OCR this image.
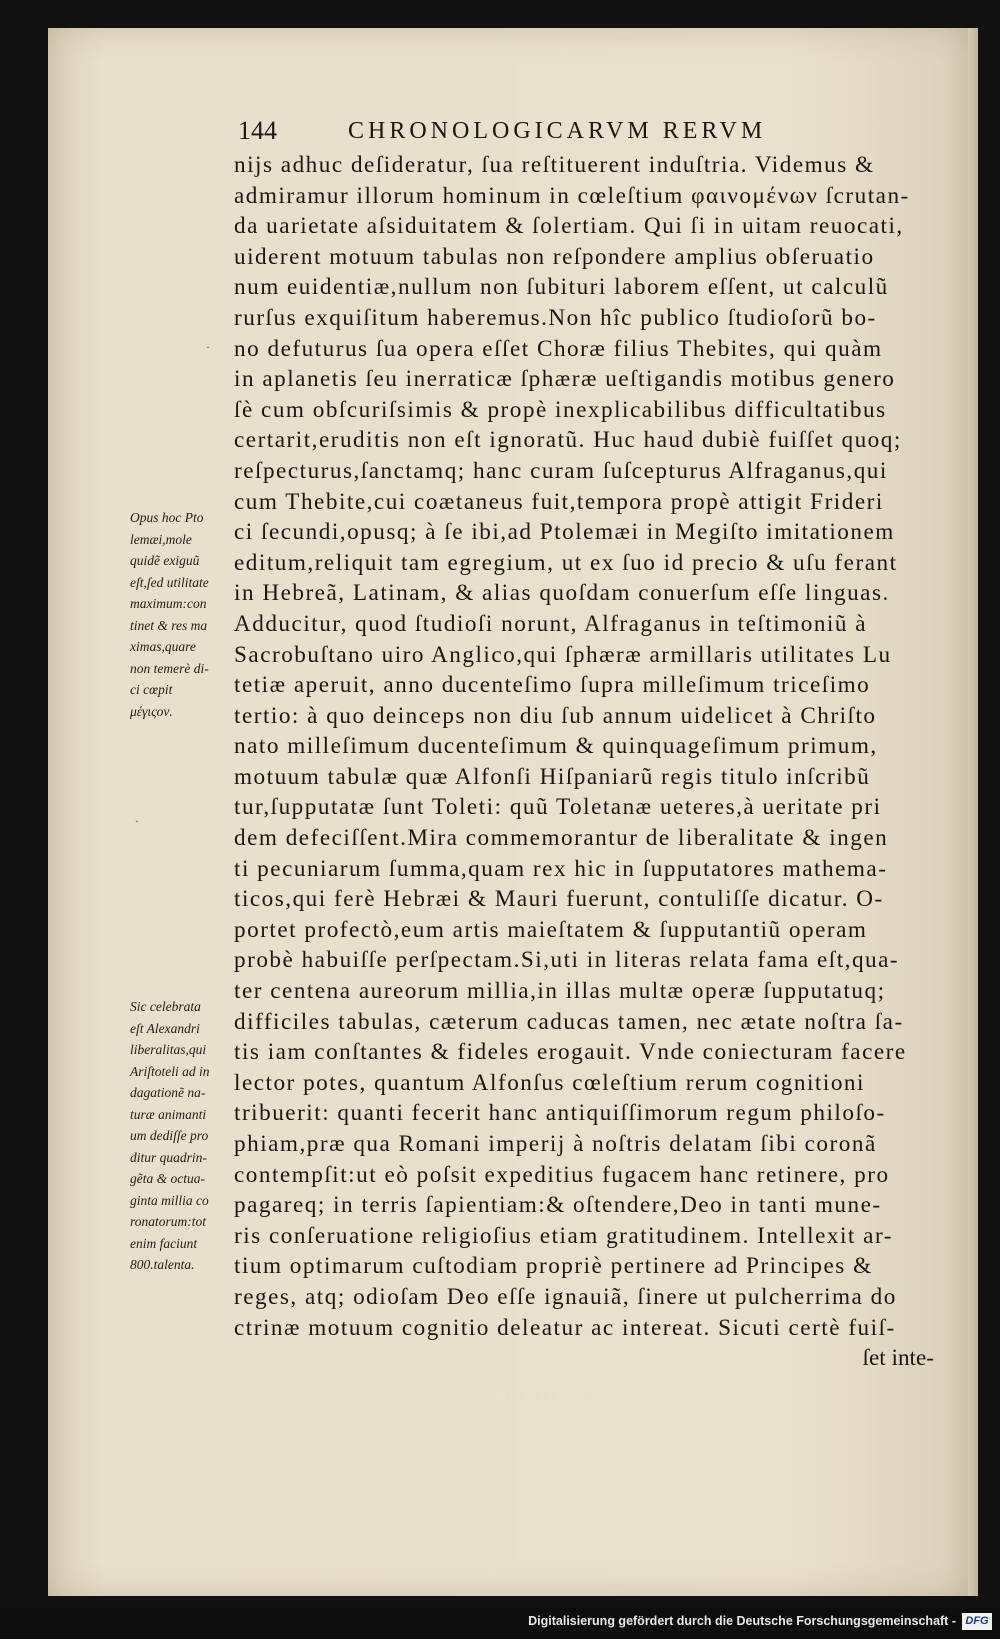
144	CHRONOLOGICARVM RERVM
Opus hoc Pto
lemæi,mole
quidẽ exiguũ
eſt,ſed utilitate
maximum:con
tinet & res ma
ximas,quare
non temerè di-
ci cœpit
μέγιςον.
Sic celebrata
eſt Alexandri
liberalitas,qui
Ariſtoteli ad in
dagationẽ na-
turæ animanti
um dediſſe pro
ditur quadrin-
gẽta & octua-
ginta millia co
ronatorum:tot
enim faciunt
800.talenta.
·
ˋ
nijs adhuc deſideratur, ſua reſtituerent induſtria. Videmus &
admiramur illorum hominum in cœleſtium φαινομένων ſcrutan-
da uarietate aſsiduitatem & ſolertiam. Qui ſi in uitam reuocati,
uiderent motuum tabulas non reſpondere amplius obſeruatio
num euidentiæ,nullum non ſubituri laborem eſſent, ut calculũ
rurſus exquiſitum haberemus.Non hîc publico ſtudioſorũ bo-
no defuturus ſua opera eſſet Choræ filius Thebites, qui quàm
in aplanetis ſeu inerraticæ ſphæræ ueſtigandis motibus genero
ſè cum obſcuriſsimis & propè inexplicabilibus difficultatibus
certarit,eruditis non eſt ignoratũ. Huc haud dubiè fuiſſet quoq;
reſpecturus,ſanctamq; hanc curam ſuſcepturus Alfraganus,qui
cum Thebite,cui coætaneus fuit,tempora propè attigit Frideri
ci ſecundi,opusq; à ſe ibi,ad Ptolemæi in Megiſto imitationem
editum,reliquit tam egregium, ut ex ſuo id precio & uſu ferant
in Hebreã, Latinam, & alias quoſdam conuerſum eſſe linguas.
Adducitur, quod ſtudioſi norunt, Alfraganus in teſtimoniũ à
Sacrobuſtano uiro Anglico,qui ſphæræ armillaris utilitates Lu
tetiæ aperuit, anno ducenteſimo ſupra milleſimum triceſimo
tertio: à quo deinceps non diu ſub annum uidelicet à Chriſto
nato milleſimum ducenteſimum & quinquageſimum primum,
motuum tabulæ quæ Alfonſi Hiſpaniarũ regis titulo inſcribũ
tur,ſupputatæ ſunt Toleti: quũ Toletanæ ueteres,à ueritate pri
dem defeciſſent.Mira commemorantur de liberalitate & ingen
ti pecuniarum ſumma,quam rex hic in ſupputatores mathema-
ticos,qui ferè Hebræi & Mauri fuerunt, contuliſſe dicatur. O-
portet profectò,eum artis maieſtatem & ſupputantiũ operam
probè habuiſſe perſpectam.Si,uti in literas relata fama eſt,qua-
ter centena aureorum millia,in illas multæ operæ ſupputatuq;
difficiles tabulas, cæterum caducas tamen, nec ætate noſtra ſa-
tis iam conſtantes & fideles erogauit. Vnde coniecturam facere
lector potes, quantum Alfonſus cœleſtium rerum cognitioni
tribuerit: quanti fecerit hanc antiquiſſimorum regum philoſo-
phiam,præ qua Romani imperij à noſtris delatam ſibi coronã
contempſit:ut eò poſsit expeditius fugacem hanc retinere, pro
pagareq; in terris ſapientiam:& oſtendere,Deo in tanti mune-
ris conſeruatione religioſius etiam gratitudinem. Intellexit ar-
tium optimarum cuſtodiam propriè pertinere ad Principes &
reges, atq; odioſam Deo eſſe ignauiã, ſinere ut pulcherrima do
ctrinæ motuum cognitio deleatur ac intereat. Sicuti certè fuiſ-
ſet inte-
Digitalisierung gefördert durch die Deutsche Forschungsgemeinschaft - DFG
